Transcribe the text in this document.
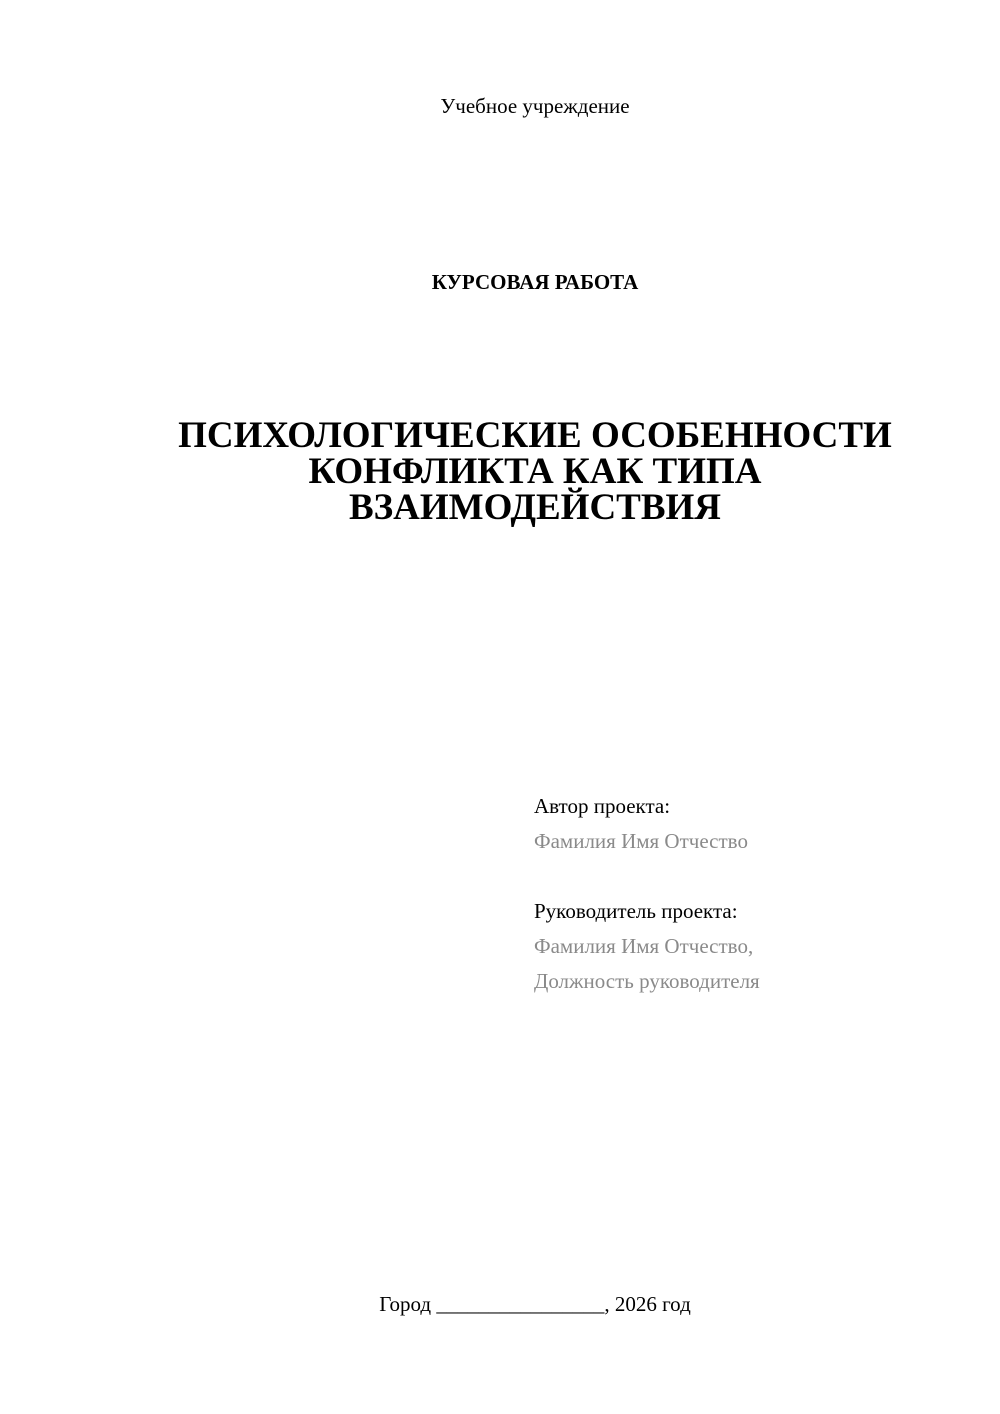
Учебное учреждение
КУРСОВАЯ РАБОТА
ПСИХОЛОГИЧЕСКИЕ ОСОБЕННОСТИ
КОНФЛИКТА КАК ТИПА
ВЗАИМОДЕЙСТВИЯ
Автор проекта:
Фамилия Имя Отчество
Руководитель проекта:
Фамилия Имя Отчество,
Должность руководителя
Город ________________, 2026 год
